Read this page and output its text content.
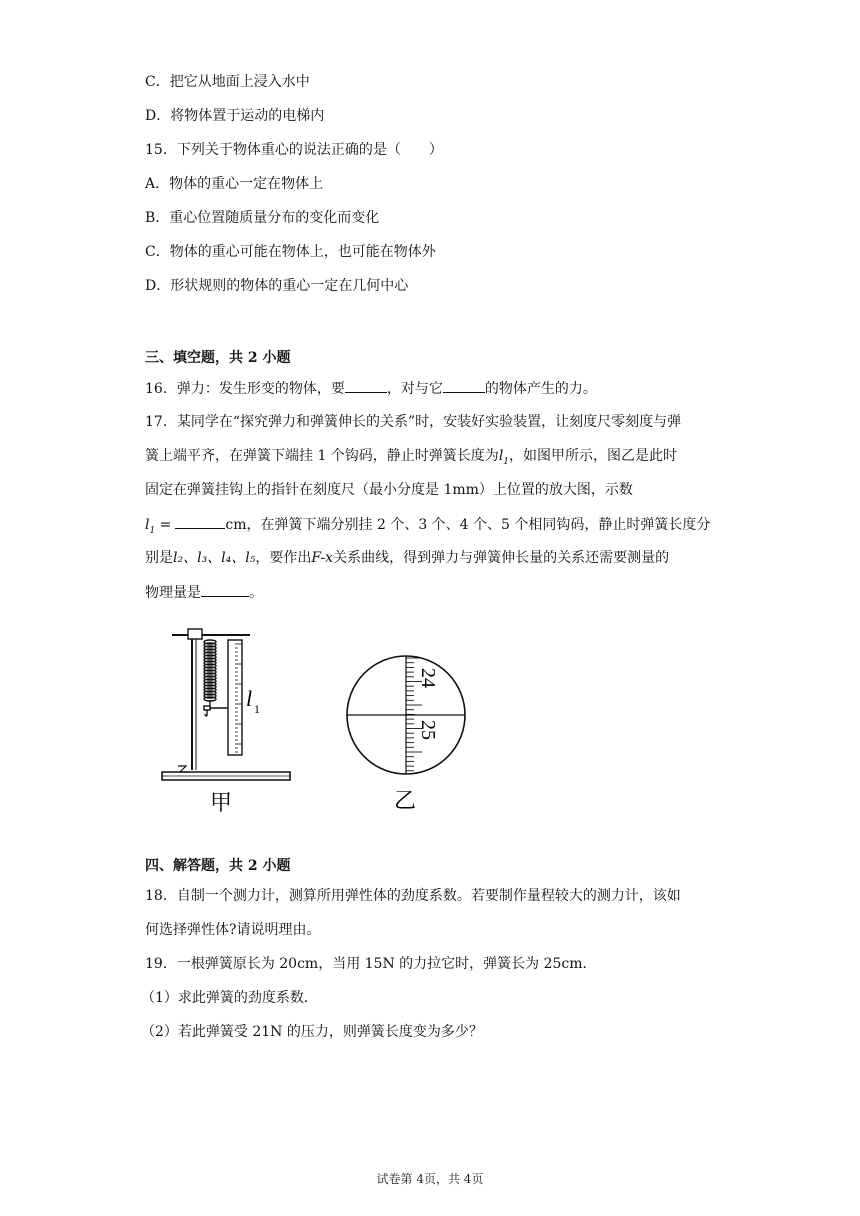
C．把它从地面上浸入水中
D．将物体置于运动的电梯内
15．下列关于物体重心的说法正确的是（　　）
A．物体的重心一定在物体上
B．重心位置随质量分布的变化而变化
C．物体的重心可能在物体上，也可能在物体外
D．形状规则的物体的重心一定在几何中心
三、填空题，共 2 小题
16．弹力：发生形变的物体，要	，对与它	的物体产生的力。
17．某同学在“探究弹力和弹簧伸长的关系”时，安装好实验装置，让刻度尺零刻度与弹
簧上端平齐，在弹簧下端挂 1 个钩码，静止时弹簧长度为$l_1$，如图甲所示，图乙是此时
固定在弹簧挂钩上的指针在刻度尺（最小分度是 1mm）上位置的放大图，示数
$l_1$ =	cm，在弹簧下端分别挂 2 个、3 个、4 个、5 个相同钩码，静止时弹簧长度分
别是l₂、l₃、l₄、l₅，要作出F-x关系曲线，得到弹力与弹簧伸长量的关系还需要测量的
物理量是	。
l 1
甲
24
25
乙
四、解答题，共 2 小题
18．自制一个测力计，测算所用弹性体的劲度系数。若要制作量程较大的测力计，该如
何选择弹性体?请说明理由。
19．一根弹簧原长为 20cm，当用 15N 的力拉它时，弹簧长为 25cm．
（1）求此弹簧的劲度系数．
（2）若此弹簧受 21N 的压力，则弹簧长度变为多少？
试卷第 4页，共 4页
